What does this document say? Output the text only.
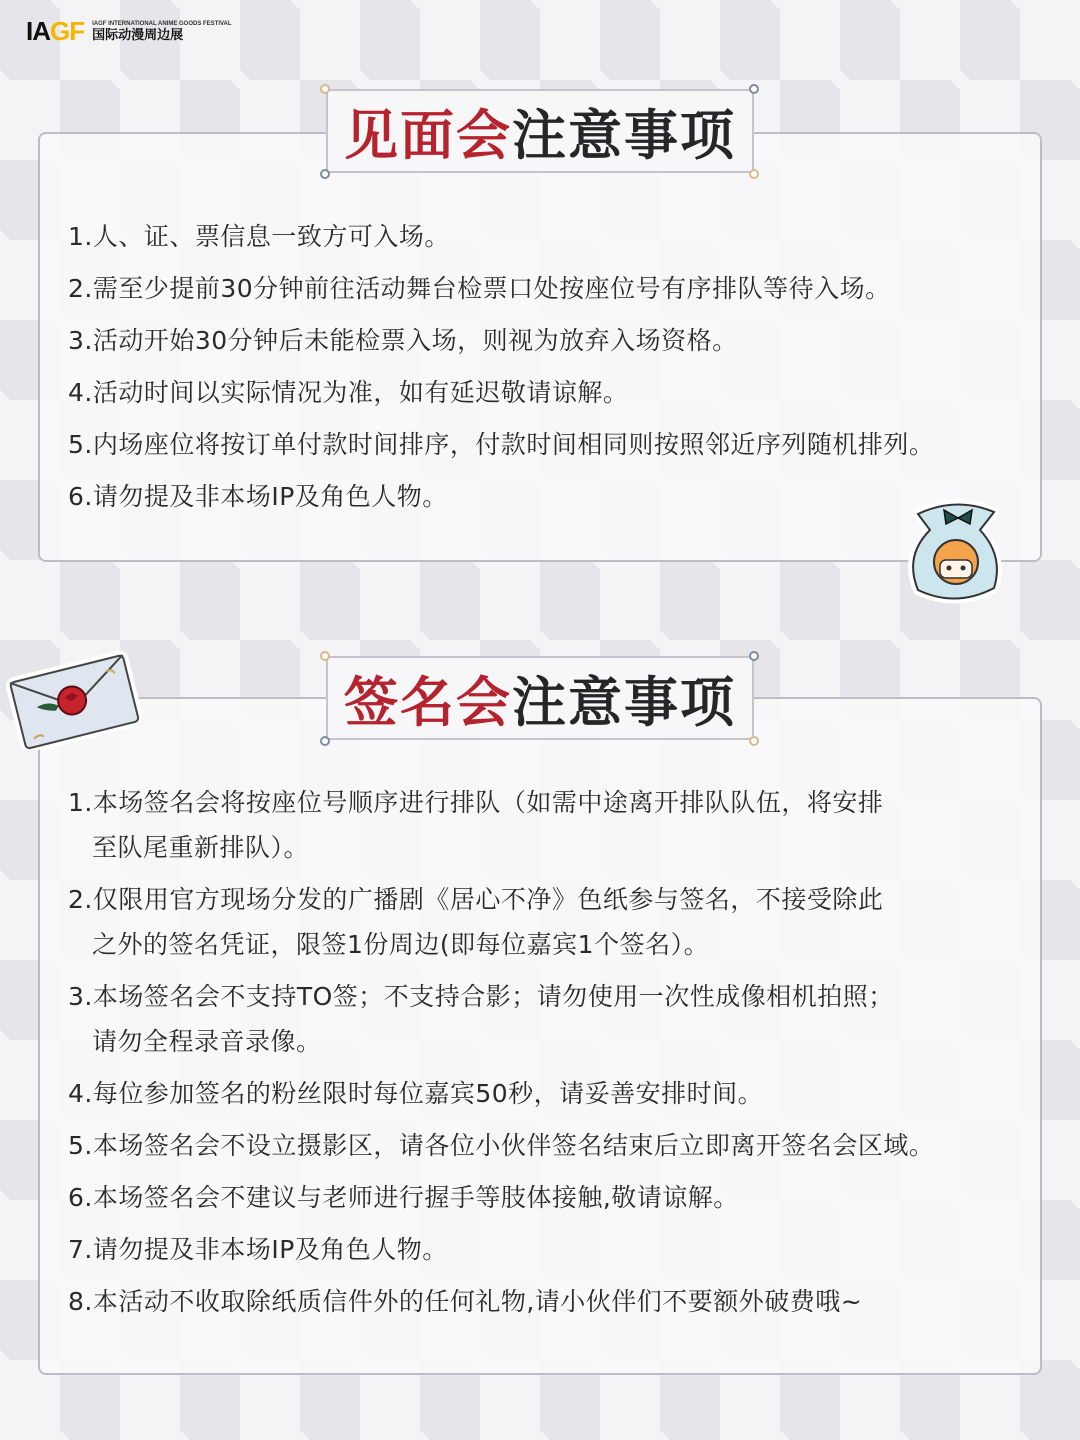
IAGF IAGF INTERNATIONAL ANIME GOODS FESTIVAL
国际动漫周边展
见面会 注意事项
1.人、证、票信息一致方可入场。
2.需至少提前30分钟前往活动舞台检票口处按座位号有序排队等待入场。
3.活动开始30分钟后未能检票入场，则视为放弃入场资格。
4.活动时间以实际情况为准，如有延迟敬请谅解。
5.内场座位将按订单付款时间排序，付款时间相同则按照邻近序列随机排列。
6.请勿提及非本场IP及角色人物。
签名会 注意事项
1.本场签名会将按座位号顺序进行排队（如需中途离开排队队伍，将安排
至队尾重新排队）。
2.仅限用官方现场分发的广播剧《居心不净》色纸参与签名，不接受除此
之外的签名凭证，限签1份周边(即每位嘉宾1个签名）。
3.本场签名会不支持TO签；不支持合影；请勿使用一次性成像相机拍照；
请勿全程录音录像。
4.每位参加签名的粉丝限时每位嘉宾50秒，请妥善安排时间。
5.本场签名会不设立摄影区，请各位小伙伴签名结束后立即离开签名会区域。
6.本场签名会不建议与老师进行握手等肢体接触,敬请谅解。
7.请勿提及非本场IP及角色人物。
8.本活动不收取除纸质信件外的任何礼物,请小伙伴们不要额外破费哦~
